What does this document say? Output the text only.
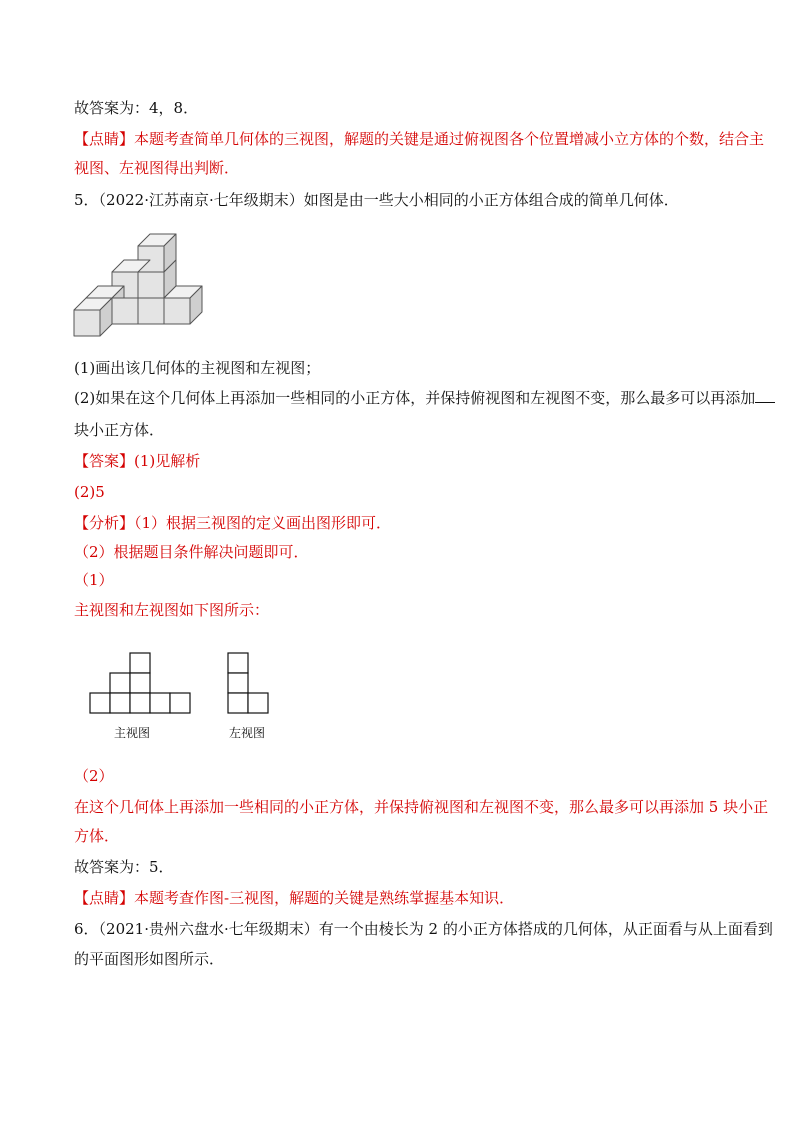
故答案为：4，8．
【点睛】本题考查简单几何体的三视图，解题的关键是通过俯视图各个位置增减小立方体的个数，结合主
视图、左视图得出判断．
5．（2022·江苏南京·七年级期末）如图是由一些大小相同的小正方体组合成的简单几何体．
(1)画出该几何体的主视图和左视图；
(2)如果在这个几何体上再添加一些相同的小正方体，并保持俯视图和左视图不变，那么最多可以再添加
块小正方体．
【答案】(1)见解析
(2)5
【分析】（1）根据三视图的定义画出图形即可．
（2）根据题目条件解决问题即可．
（1）
主视图和左视图如下图所示：
主视图	左视图
（2）
在这个几何体上再添加一些相同的小正方体，并保持俯视图和左视图不变，那么最多可以再添加 5 块小正
方体．
故答案为：5．
【点睛】本题考查作图-三视图，解题的关键是熟练掌握基本知识．
6．（2021·贵州六盘水·七年级期末）有一个由棱长为 2 的小正方体搭成的几何体，从正面看与从上面看到
的平面图形如图所示．
